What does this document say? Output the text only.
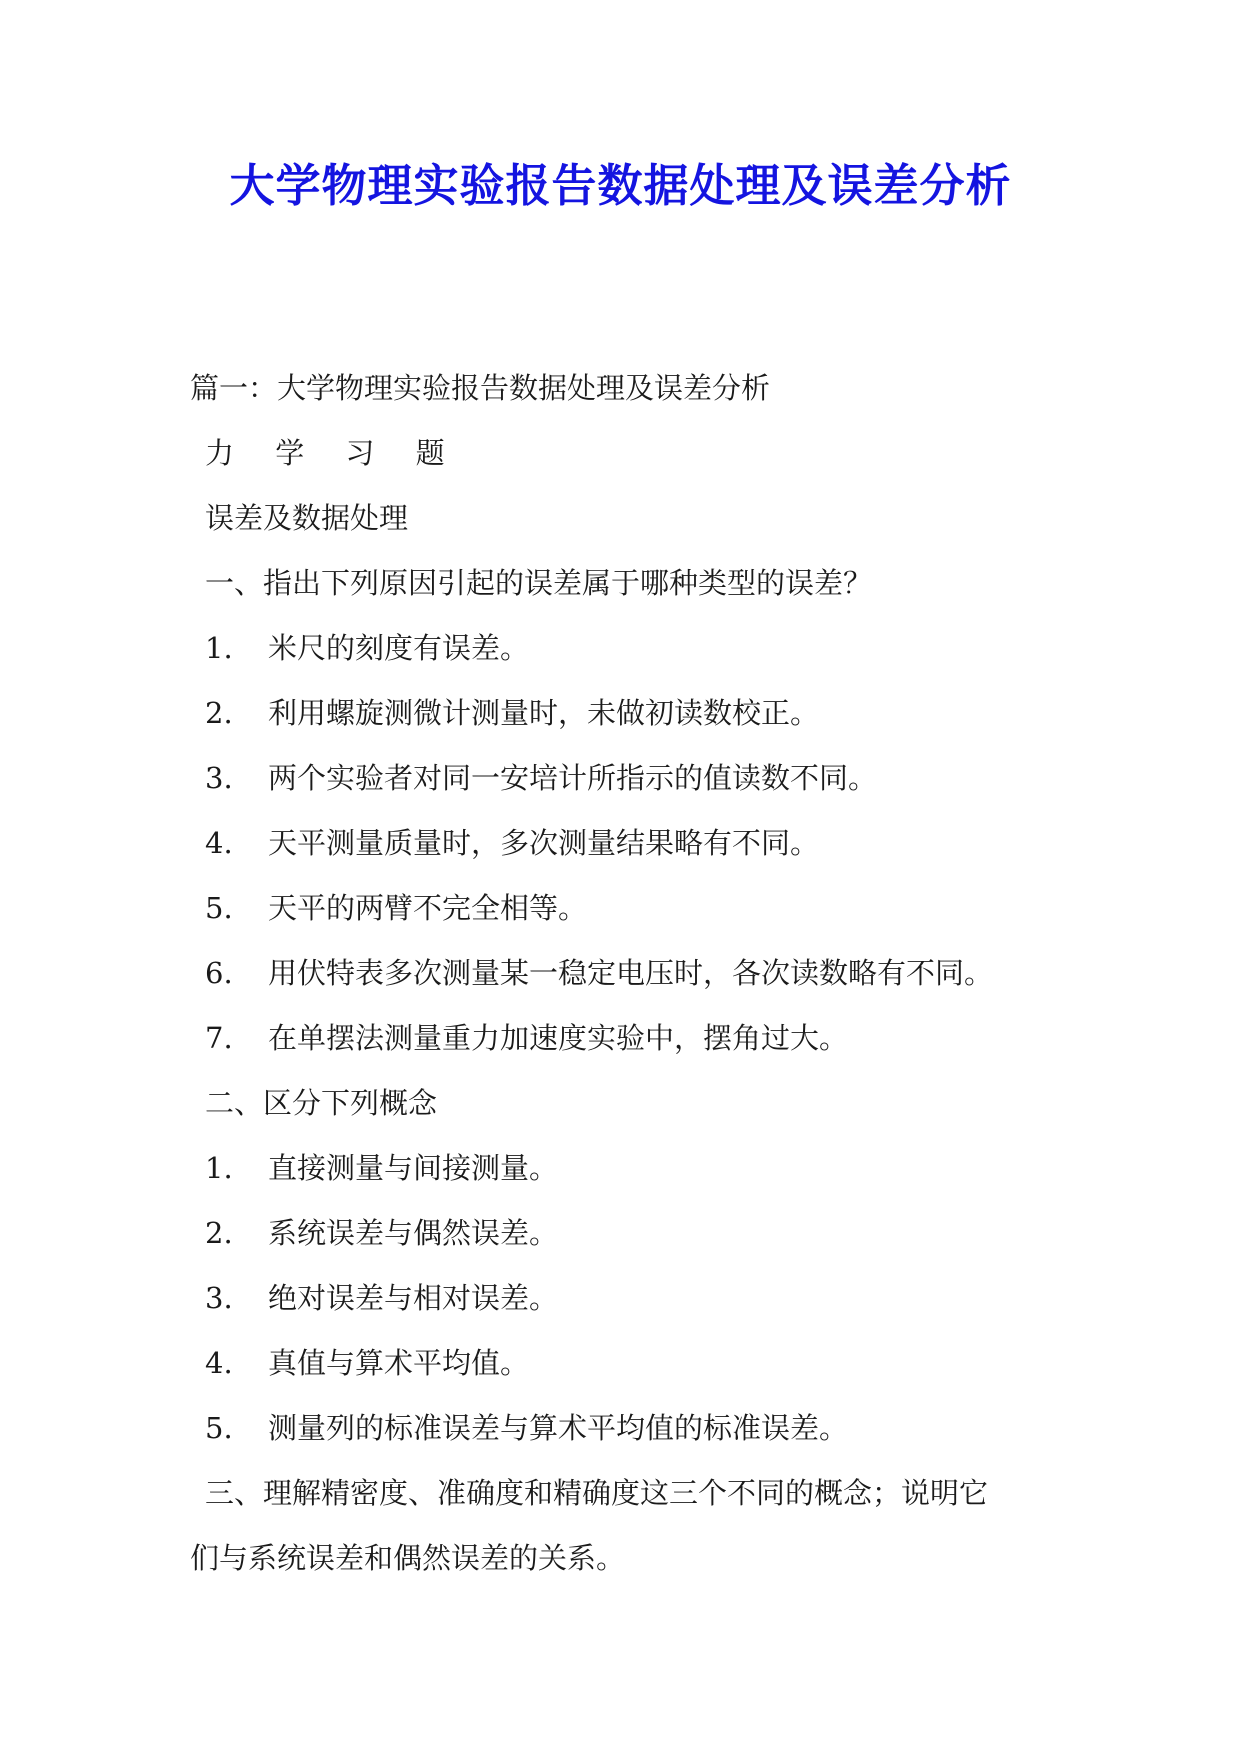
大学物理实验报告数据处理及误差分析
篇一：大学物理实验报告数据处理及误差分析
力 学 习 题
误差及数据处理
一、指出下列原因引起的误差属于哪种类型的误差？
1. 米尺的刻度有误差。
2. 利用螺旋测微计测量时，未做初读数校正。
3. 两个实验者对同一安培计所指示的值读数不同。
4. 天平测量质量时，多次测量结果略有不同。
5. 天平的两臂不完全相等。
6. 用伏特表多次测量某一稳定电压时，各次读数略有不同。
7. 在单摆法测量重力加速度实验中，摆角过大。
二、区分下列概念
1. 直接测量与间接测量。
2. 系统误差与偶然误差。
3. 绝对误差与相对误差。
4. 真值与算术平均值。
5. 测量列的标准误差与算术平均值的标准误差。
三、理解精密度、准确度和精确度这三个不同的概念；说明它
们与系统误差和偶然误差的关系。
